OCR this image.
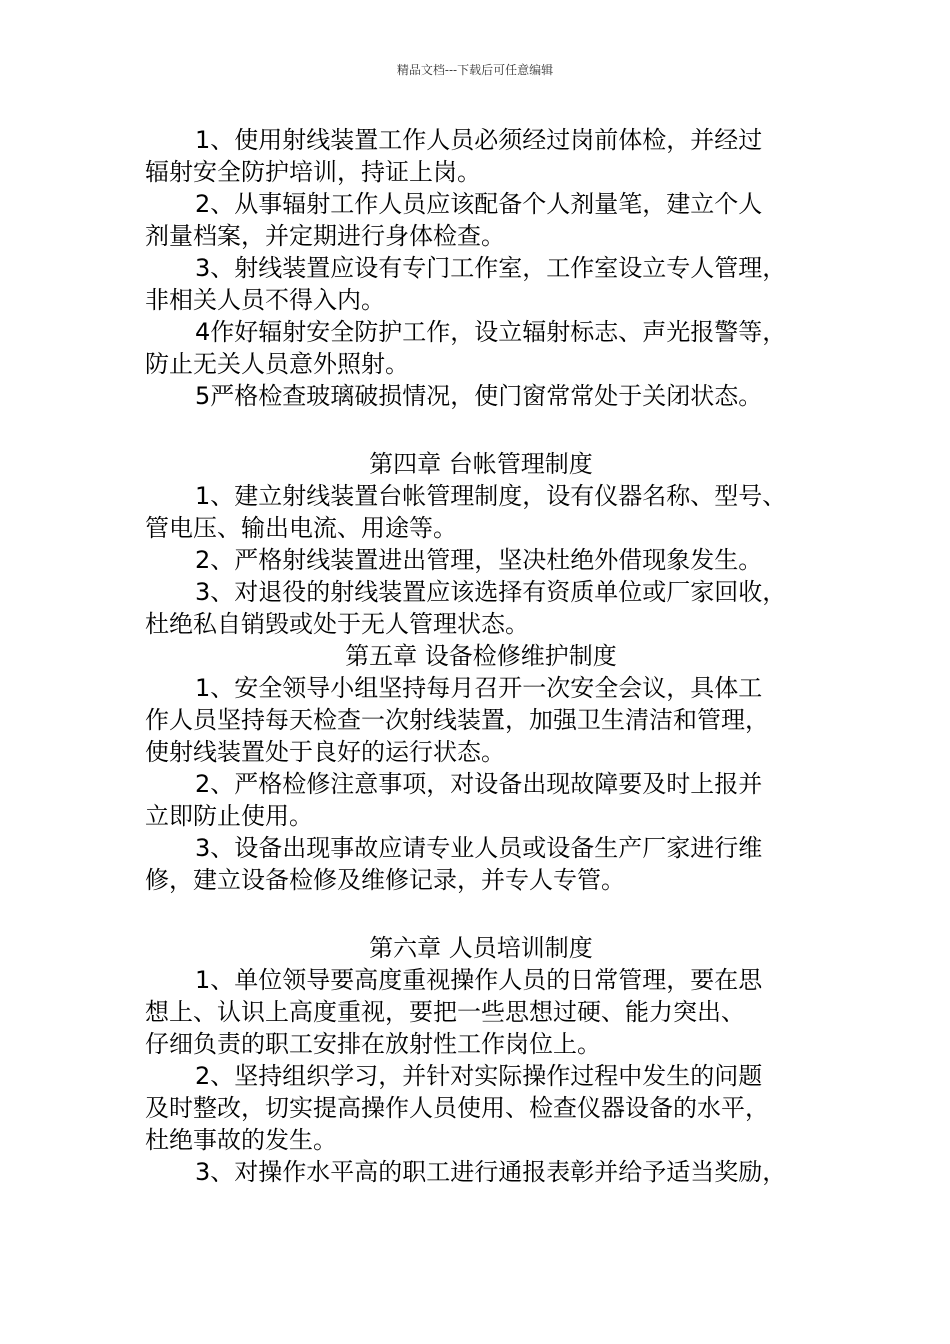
精品文档---下载后可任意编辑
1、使用射线装置工作人员必须经过岗前体检，并经过
辐射安全防护培训，持证上岗。
2、从事辐射工作人员应该配备个人剂量笔，建立个人
剂量档案，并定期进行身体检查。
3、射线装置应设有专门工作室，工作室设立专人管理，
非相关人员不得入内。
4作好辐射安全防护工作，设立辐射标志、声光报警等，
防止无关人员意外照射。
5严格检查玻璃破损情况，使门窗常常处于关闭状态。
第四章 台帐管理制度
1、建立射线装置台帐管理制度，设有仪器名称、型号、
管电压、输出电流、用途等。
2、严格射线装置进出管理，坚决杜绝外借现象发生。
3、对退役的射线装置应该选择有资质单位或厂家回收，
杜绝私自销毁或处于无人管理状态。
第五章 设备检修维护制度
1、安全领导小组坚持每月召开一次安全会议，具体工
作人员坚持每天检查一次射线装置，加强卫生清洁和管理，
使射线装置处于良好的运行状态。
2、严格检修注意事项，对设备出现故障要及时上报并
立即防止使用。
3、设备出现事故应请专业人员或设备生产厂家进行维
修，建立设备检修及维修记录，并专人专管。
第六章 人员培训制度
1、单位领导要高度重视操作人员的日常管理，要在思
想上、认识上高度重视，要把一些思想过硬、能力突出、
仔细负责的职工安排在放射性工作岗位上。
2、坚持组织学习，并针对实际操作过程中发生的问题
及时整改，切实提高操作人员使用、检查仪器设备的水平，
杜绝事故的发生。
3、对操作水平高的职工进行通报表彰并给予适当奖励，
